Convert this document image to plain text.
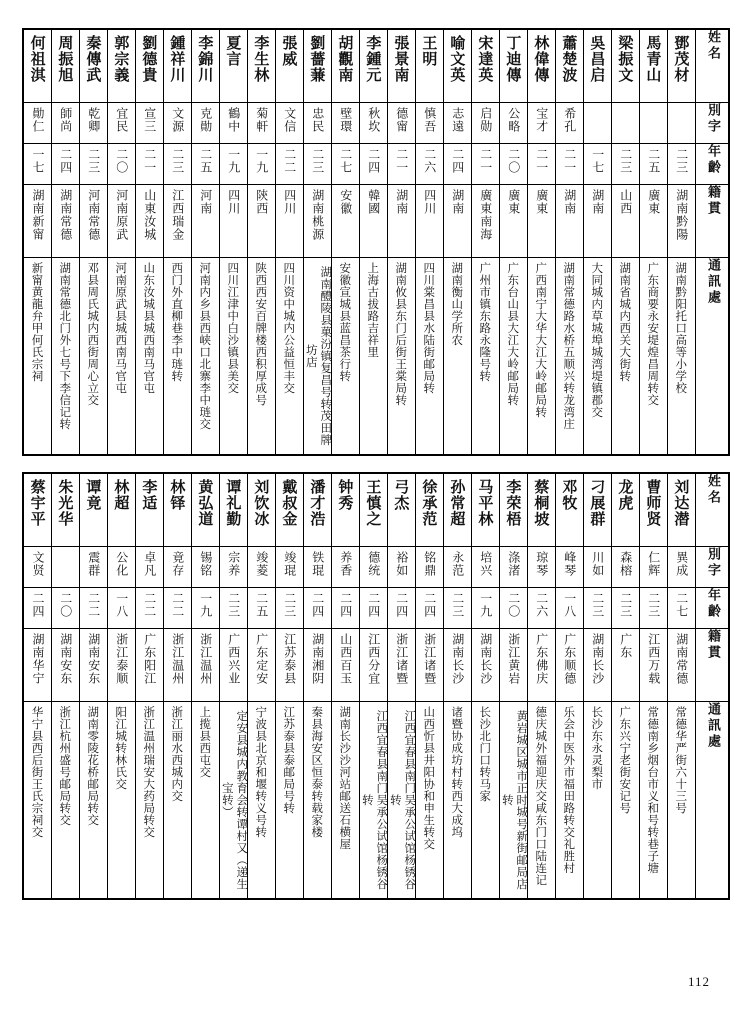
何祖淇	周振旭	秦傳武	郭宗義	劉德貴	鍾祥川	李錦川	夏言	李生林	張威	劉薔蒹	胡觀南	李鍾元	張景南	王明	喻文英	宋達英	丁迪傳	林偉傳	蕭楚波	吳昌启	梁振文	馬青山	鄧茂材	姓名

勛仁	師尚	乾卿	宜民	宣三	文源	克勛	鶴中	菊軒	文信	忠民	壁環	秋坎	德甯	慎吾	志遠	启勋	公略	宝才	希孔					別字

一七	二四	二三	二〇	二一	二三	二五	一九	一九	二二	二三	二七	二四	二一	二六	二四	二一	二〇	二一	二一	一七	二三	二五	二三	年齡

湖南新甯	湖南常德	河南常德	河南原武	山東汝城	江西瑞金	河南	四川	陝西	四川	湖南桃源	安徽	韓國	湖南	四川	湖南	廣東南海	廣東	廣東	湖南	湖南	山西	廣東	湖南黔陽	籍貫

新甯黄龍弁甲何氏宗祠	湖南常德北门外七号下李信记转	邓县周氏城内西街周心立交	河南原武县城西南马官屯	山东汝城县城西南马官屯	西门外直柳巷李中琏转	河南内乡县西峡口北寨李中琏交	四川江津中白沙镇县美交	陕西西安百牌楼西积厚成号	四川资中城内公益恒丰交	湖南醴陵县菓汾镇复昌号转茂田牌坊店	安徽宣城县蓝昌茶行转	上海古拔路吉祥里	湖南攸县东门后街王棠局转	四川棠昌县水陆街邮局转	湖南衡山学所农	广州市镇东路永隆号转	广东台山县大江大岭邮局转	广西南宁大华大江大岭邮局转	湖南常德路水桥五顺兴转龙湾庄	大同城内草城埠城湾堤镇郡交	湖南省城内西关大街转	广东商要永安堤煌昌周转交	湖南黔阳托口高等小学校	通訊處
蔡宇平	朱光华	谭竟	林超	李适	林铎	黄弘道	谭礼勤	刘饮冰	戴叔金	潘才浩	钟秀	王慎之	弓杰	徐承范	孙常超	马平林	李荣梧	蔡桐坡	邓牧	刁展群	龙虎	曹师贤	刘达潜	姓名

文贤		震群	公化	卓凡	竟存	锡铭	宗养	竣菱	竣琨	铁琨	养香	德统	裕如	铭鼎	永范	培兴	涤渚	琼琴	峰琴	川如	森榕	仁辉	異成	別字

二四	二〇	二二	一八	二二	二二	一九	二三	二五	二三	二四	二四	二四	二四	二四	二三	一九	二〇	二六	一八	二三	二三	二三	二七	年齡

湖南华宁	湖南安东	湖南安东	浙江泰顺	广东阳江	浙江温州	浙江温州	广西兴业	广东定安	江苏泰县	湖南湘阴	山西百玉	江西分宜	浙江诸暨	浙江诸暨	湖南长沙	湖南长沙	浙江黄岩	广东佛庆	广东顺德	湖南长沙	广东	江西万载	湖南常德	籍貫

华宁县西后街王氏宗祠交	浙江杭州盛号邮局转交	湖南零陵花桥邮局转交	阳江城转林氏交	浙江温州瑞安大药局转交	浙江丽水西城内交	上揽县西屯交	定安县城内教育会转谭村又（递生宝转）	宁波县北京和堰转义号转	江苏泰县泰邮局号转	秦县海安区恒泰转载家楼	湖南长沙沙河站邮送石横屋	江西宜春县南门吴承公试馆杨锈谷转	江西宜春县南门吴承公试馆杨锈谷转	山西忻县井阳协和申生转交	诸暨协成坊村转西大成坞	长沙北门口转马家	黄岩城区城市正时城号新街邮局店转	德庆城外福迎庆交咸东门口陆连记	乐会中医外市福田路转交礼胜村	长沙东永灵梨市	广东兴宁老街安记号	常德南乡烟台市义和号转巷子塘	常德华严街六十三号	通訊處
112
